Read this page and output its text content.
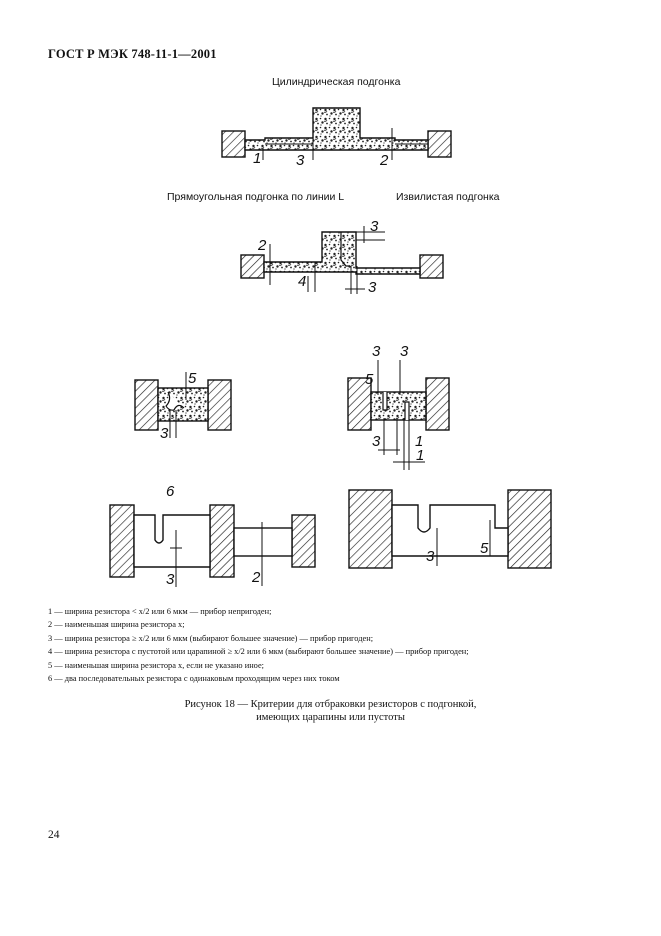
ГОСТ Р МЭК 748-11-1—2001
Цилиндрическая подгонка
Прямоугольная подгонка по линии L	Извилистая подгонка
1 3	2
2
4	3
3
5
3
3 3
5
3 1
1
6
3	2
3	5
1 — ширина резистора < x/2 или 6 мкм — прибор непригоден;
2 — наименьшая ширина резистора x;
3 — ширина резистора ≥ x/2 или 6 мкм (выбирают большее значение) — прибор пригоден;
4 — ширина резистора с пустотой или царапиной ≥ x/2 или 6 мкм (выбирают большее значение) — прибор пригоден;
5 — наименьшая ширина резистора x, если не указано иное;
6 — два последовательных резистора с одинаковым проходящим через них током
Рисунок 18 — Критерии для отбраковки резисторов с подгонкой,
имеющих царапины или пустоты
24
